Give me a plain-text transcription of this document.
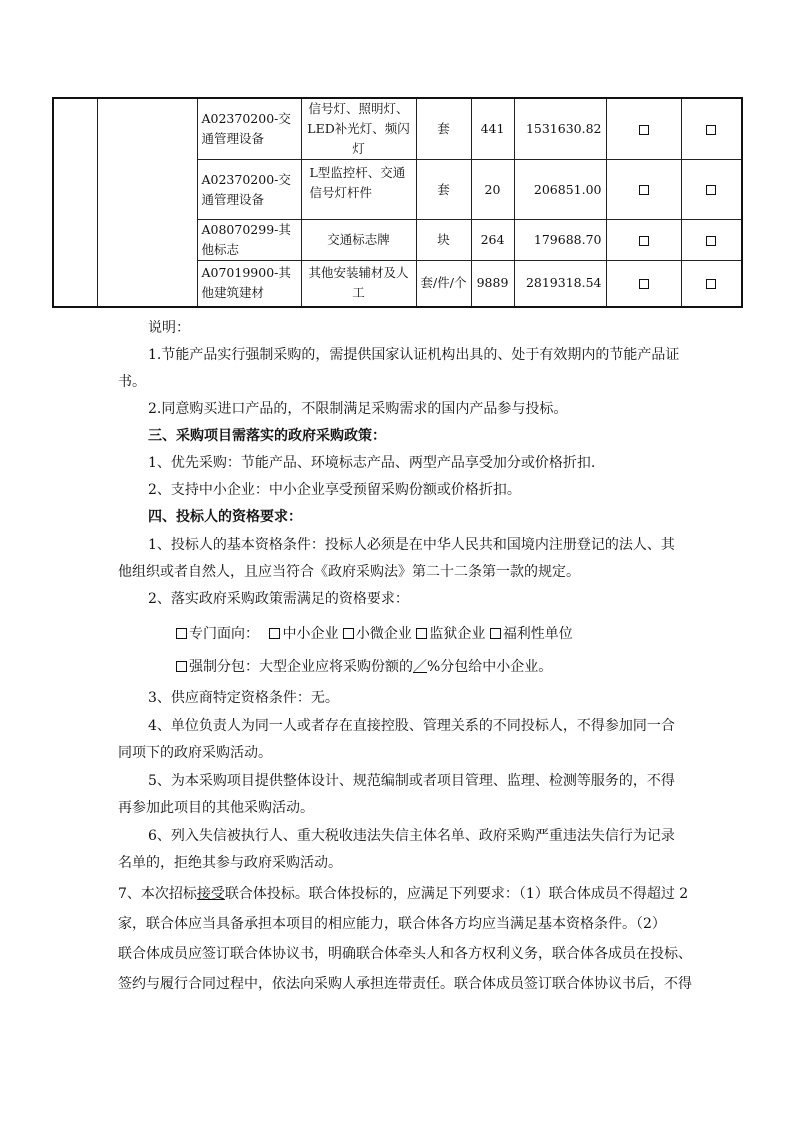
		A02370200-交通管理设备	信号灯、照明灯、LED补光灯、频闪灯	套	441	1531630.82		
		A02370200-交通管理设备	L型监控杆、交通信号灯杆件	套	20	206851.00		
		A08070299-其他标志	交通标志牌	块	264	179688.70		
		A07019900-其他建筑建材	其他安装辅材及人工	套/件/个	9889	2819318.54		
说明：
1.节能产品实行强制采购的，需提供国家认证机构出具的、处于有效期内的节能产品证
书。
2.同意购买进口产品的，不限制满足采购需求的国内产品参与投标。
三、采购项目需落实的政府采购政策：
1、优先采购：节能产品、环境标志产品、两型产品享受加分或价格折扣.
2、支持中小企业：中小企业享受预留采购份额或价格折扣。
四、投标人的资格要求：
1、投标人的基本资格条件：投标人必须是在中华人民共和国境内注册登记的法人、其
他组织或者自然人，且应当符合《政府采购法》第二十二条第一款的规定。
2、落实政府采购政策需满足的资格要求：
专门面向： 中小企业 小微企业 监狱企业 福利性单位
强制分包：大型企业应将采购份额的／%分包给中小企业。
3、供应商特定资格条件：无。
4、单位负责人为同一人或者存在直接控股、管理关系的不同投标人，不得参加同一合
同项下的政府采购活动。
5、为本采购项目提供整体设计、规范编制或者项目管理、监理、检测等服务的，不得
再参加此项目的其他采购活动。
6、列入失信被执行人、重大税收违法失信主体名单、政府采购严重违法失信行为记录
名单的，拒绝其参与政府采购活动。
7、本次招标接受联合体投标。联合体投标的，应满足下列要求：（1）联合体成员不得超过 2
家，联合体应当具备承担本项目的相应能力，联合体各方均应当满足基本资格条件。（2）
联合体成员应签订联合体协议书，明确联合体牵头人和各方权利义务，联合体各成员在投标、
签约与履行合同过程中，依法向采购人承担连带责任。联合体成员签订联合体协议书后，不得
